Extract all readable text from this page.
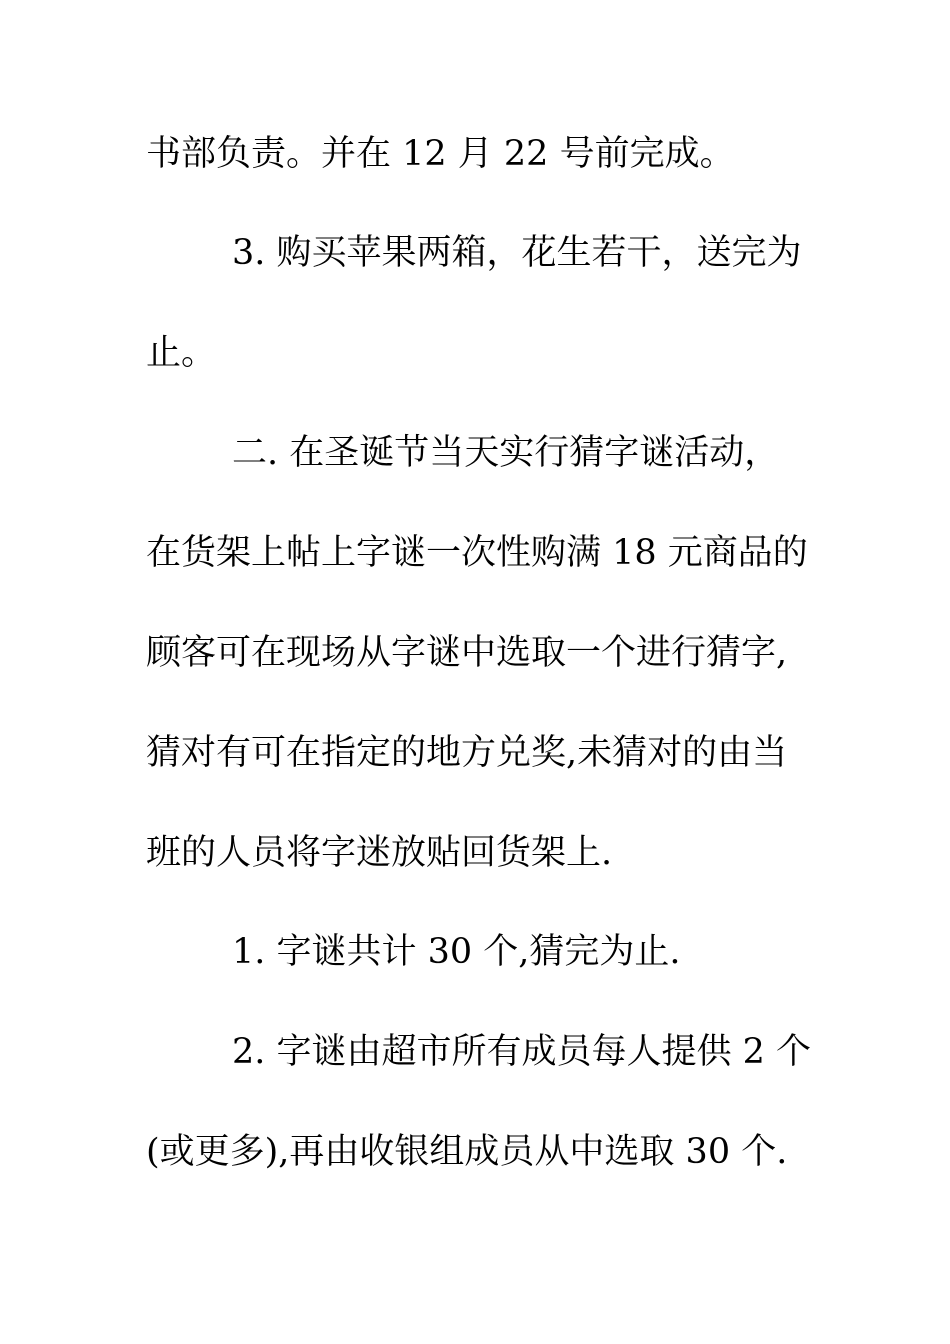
书部负责。并在 12 月 22 号前完成。
3. 购买苹果两箱，花生若干，送完为
止。
二. 在圣诞节当天实行猜字谜活动，
在货架上帖上字谜一次性购满 18 元商品的
顾客可在现场从字谜中选取一个进行猜字,
猜对有可在指定的地方兑奖,未猜对的由当
班的人员将字迷放贴回货架上.
1. 字谜共计 30 个,猜完为止.
2. 字谜由超市所有成员每人提供 2 个
(或更多),再由收银组成员从中选取 30 个.
